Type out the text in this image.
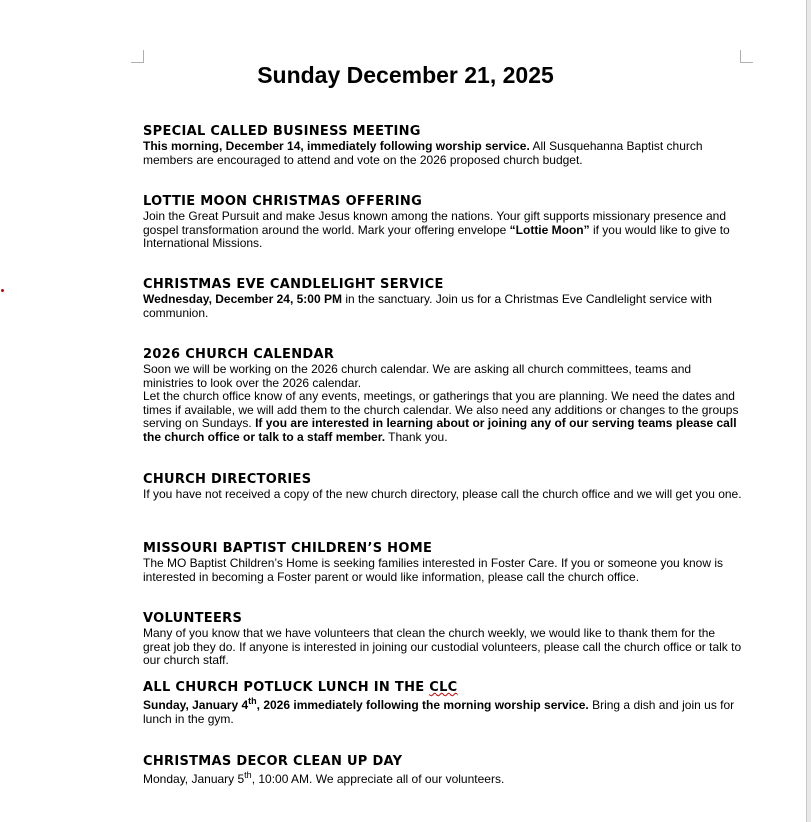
Sunday December 21, 2025
SPECIAL CALLED BUSINESS MEETING
This morning, December 14, immediately following worship service. All Susquehanna Baptist church members are encouraged to attend and vote on the 2026 proposed church budget.
LOTTIE MOON CHRISTMAS OFFERING
Join the Great Pursuit and make Jesus known among the nations. Your gift supports missionary presence and gospel transformation around the world. Mark your offering envelope “Lottie Moon” if you would like to give to International Missions.
CHRISTMAS EVE CANDLELIGHT SERVICE
Wednesday, December 24, 5:00 PM in the sanctuary. Join us for a Christmas Eve Candlelight service with communion.
2026 CHURCH CALENDAR
Soon we will be working on the 2026 church calendar. We are asking all church committees, teams and ministries to look over the 2026 calendar.
Let the church office know of any events, meetings, or gatherings that you are planning. We need the dates and times if available, we will add them to the church calendar. We also need any additions or changes to the groups serving on Sundays. If you are interested in learning about or joining any of our serving teams please call the church office or talk to a staff member. Thank you.
CHURCH DIRECTORIES
If you have not received a copy of the new church directory, please call the church office and we will get you one.
MISSOURI BAPTIST CHILDREN’S HOME
The MO Baptist Children’s Home is seeking families interested in Foster Care. If you or someone you know is interested in becoming a Foster parent or would like information, please call the church office.
VOLUNTEERS
Many of you know that we have volunteers that clean the church weekly, we would like to thank them for the great job they do. If anyone is interested in joining our custodial volunteers, please call the church office or talk to our church staff.
ALL CHURCH POTLUCK LUNCH IN THE CLC
Sunday, January 4th, 2026 immediately following the morning worship service. Bring a dish and join us for lunch in the gym.
CHRISTMAS DECOR CLEAN UP DAY
Monday, January 5th, 10:00 AM. We appreciate all of our volunteers.
